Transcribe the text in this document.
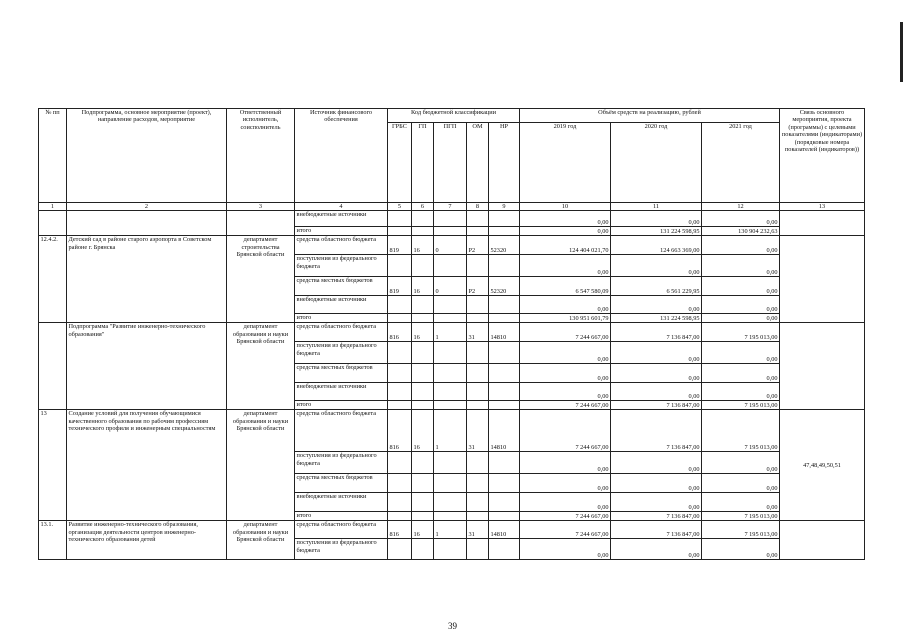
№ пп	Подпрограмма, основное мероприятие (проект), направление расходов, мероприятие	Ответственный исполнитель, соисполнитель	Источник финансового обеспечения	Код бюджетной классификации					Объём средств на реализацию, рублей			Связь основного мероприятия, проекта (программы) с целевыми показателями (индикаторами) (порядковые номера показателей (индикаторов))
				ГРБС	ГП	ПГП	ОМ	НР	2019 год	2020 год	2021 год	
1	2	3	4	5	6	7	8	9	10	11	12	13
			внебюджетные источники						0,00	0,00	0,00	
			итого						0,00	131 224 598,95	130 904 232,63	
12.4.2.	Детский сад в районе старого аэропорта в Советском районе г. Брянска	департамент строительства Брянской области	средства областного бюджета	819	16	0	Р2	52320	124 404 021,70	124 663 369,00	0,00	
			поступления из федерального бюджета						0,00	0,00	0,00	
			средства местных бюджетов	819	16	0	Р2	52320	6 547 580,09	6 561 229,95	0,00	
			внебюджетные источники						0,00	0,00	0,00	
			итого						130 951 601,79	131 224 598,95	0,00	
	Подпрограмма "Развитие инженерно-технического образования"	департамент образования и науки Брянской области	средства областного бюджета	816	16	1	31	14810	7 244 667,00	7 136 847,00	7 195 013,00	
			поступления из федерального бюджета						0,00	0,00	0,00	
			средства местных бюджетов						0,00	0,00	0,00	
			внебюджетные источники						0,00	0,00	0,00	
			итого						7 244 667,00	7 136 847,00	7 195 013,00	
13	Создание условий для получения обучающимися качественного образования по рабочим профессиям технического профиля и инженерным специальностям	департамент образования и науки Брянской области	средства областного бюджета	816	16	1	31	14810	7 244 667,00	7 136 847,00	7 195 013,00	47,48,49,50,51
			поступления из федерального бюджета						0,00	0,00	0,00	
			средства местных бюджетов						0,00	0,00	0,00	
			внебюджетные источники						0,00	0,00	0,00	
			итого						7 244 667,00	7 136 847,00	7 195 013,00	
13.1.	Развитие инженерно-технического образования, организация деятельности центров инженерно-технического образования детей	департамент образования и науки Брянской области	средства областного бюджета	816	16	1	31	14810	7 244 667,00	7 136 847,00	7 195 013,00	
			поступления из федерального бюджета						0,00	0,00	0,00	
39
